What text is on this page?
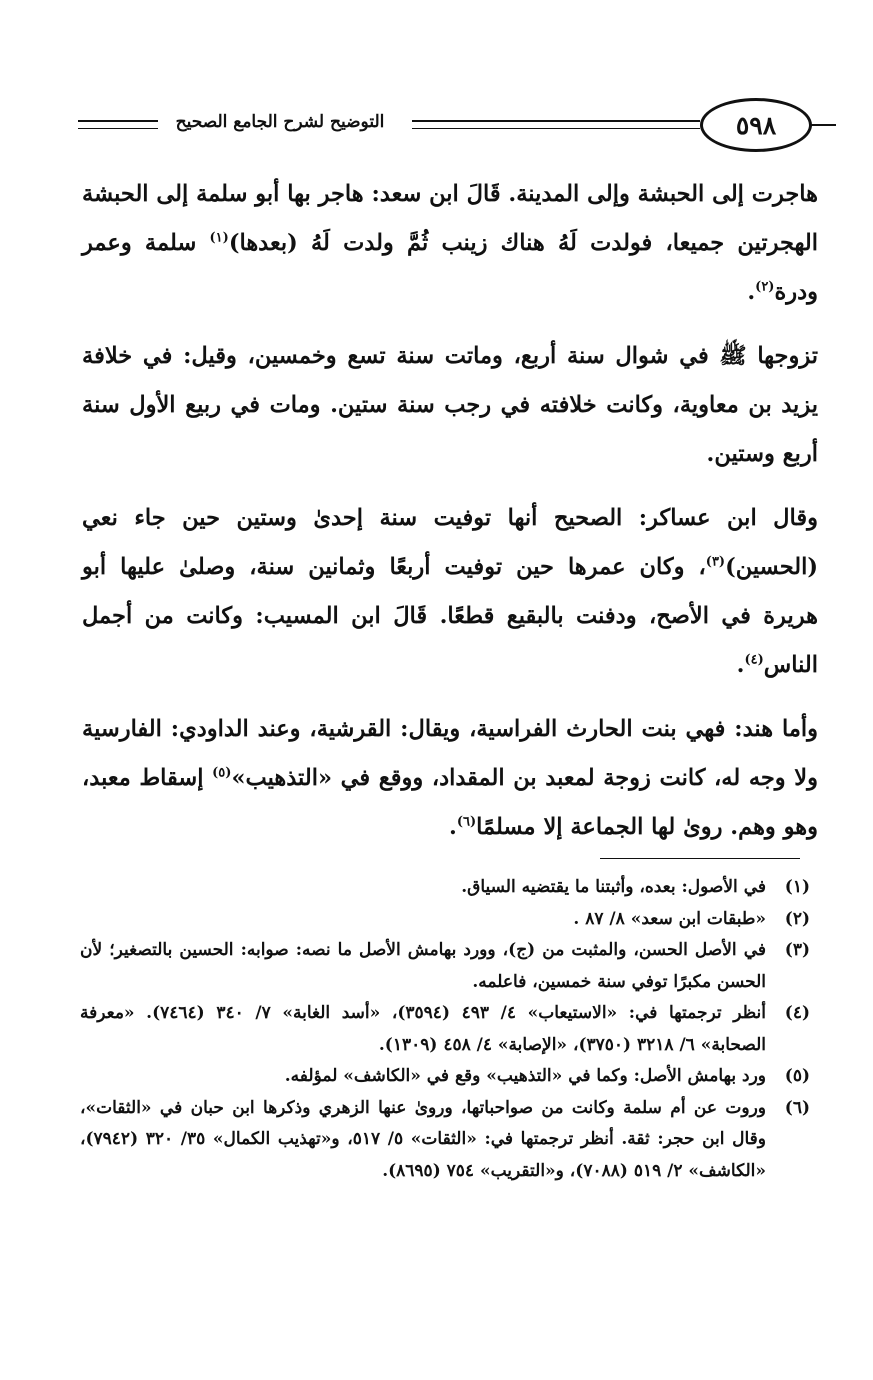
التوضيح لشرح الجامع الصحيح	٥٩٨

هاجرت إلى الحبشة وإلى المدينة. قَالَ ابن سعد: هاجر بها أبو سلمة إلى الحبشة الهجرتين جميعا، فولدت لَهُ هناك زينب ثُمَّ ولدت لَهُ (بعدها)$^{(١)}$ سلمة وعمر ودرة$^{(٢)}$.

تزوجها ﷺ في شوال سنة أربع، وماتت سنة تسع وخمسين، وقيل: في خلافة يزيد بن معاوية، وكانت خلافته في رجب سنة ستين. ومات في ربيع الأول سنة أربع وستين.

وقال ابن عساكر: الصحيح أنها توفيت سنة إحدىٰ وستين حين جاء نعي (الحسين)$^{(٣)}$، وكان عمرها حين توفيت أربعًا وثمانين سنة، وصلىٰ عليها أبو هريرة في الأصح، ودفنت بالبقيع قطعًا. قَالَ ابن المسيب: وكانت من أجمل الناس$^{(٤)}$.

وأما هند: فهي بنت الحارث الفراسية، ويقال: القرشية، وعند الداودي: الفارسية ولا وجه له، كانت زوجة لمعبد بن المقداد، ووقع في «التذهيب»$^{(٥)}$ إسقاط معبد، وهو وهم. روىٰ لها الجماعة إلا مسلمًا$^{(٦)}$.

(١)
في الأصول: بعده، وأثبتنا ما يقتضيه السياق.
(٢)
«طبقات ابن سعد» ٨/ ٨٧ .
(٣)
في الأصل الحسن، والمثبت من (ج)، وورد بهامش الأصل ما نصه: صوابه: الحسين بالتصغير؛ لأن الحسن مكبرًا توفي سنة خمسين، فاعلمه.
(٤)
أنظر ترجمتها في: «الاستيعاب» ٤/ ٤٩٣ (٣٥٩٤)، «أسد الغابة» ٧/ ٣٤٠ (٧٤٦٤). «معرفة الصحابة» ٦/ ٣٢١٨ (٣٧٥٠)، «الإصابة» ٤/ ٤٥٨ (١٣٠٩).
(٥)
ورد بهامش الأصل: وكما في «التذهيب» وقع في «الكاشف» لمؤلفه.
(٦)
وروت عن أم سلمة وكانت من صواحباتها، وروىٰ عنها الزهري وذكرها ابن حبان في «الثقات»، وقال ابن حجر: ثقة. أنظر ترجمتها في: «الثقات» ٥/ ٥١٧، و«تهذيب الكمال» ٣٥/ ٣٢٠ (٧٩٤٢)، «الكاشف» ٢/ ٥١٩ (٧٠٨٨)، و«التقريب» ٧٥٤ (٨٦٩٥).
